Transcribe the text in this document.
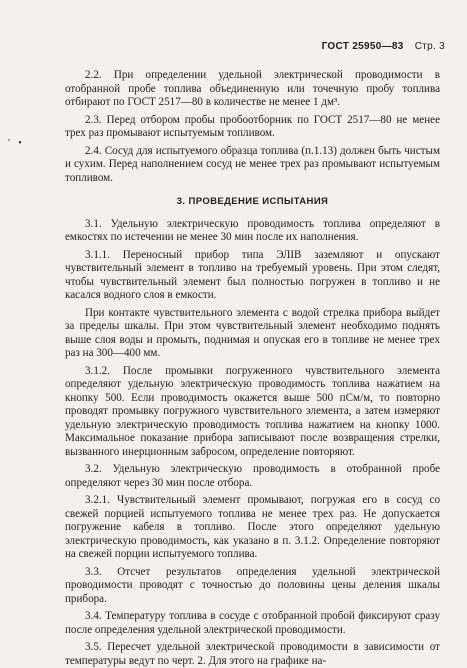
ГОСТ 25950—83 Стр. 3
' •

2.2. При определении удельной электрической проводимости в отобранной пробе топлива объединенную или точечную пробу топлива отбирают по ГОСТ 2517—80 в количестве не менее 1 дм³.

2.3. Перед отбором пробы пробоотборник по ГОСТ 2517—80 не менее трех раз промывают испытуемым топливом.

2.4. Сосуд для испытуемого образца топлива (п.1.13) должен быть чистым и сухим. Перед наполнением сосуд не менее трех раз промывают испытуемым топливом.

3. ПРОВЕДЕНИЕ ИСПЫТАНИЯ

3.1. Удельную электрическую проводимость топлива определяют в емкостях по истечении не менее 30 мин после их наполнения.

3.1.1. Переносный прибор типа ЭЛІВ заземляют и опускают чувствительный элемент в топливо на требуемый уровень. При этом следят, чтобы чувствительный элемент был полностью погружен в топливо и не касался водного слоя в емкости.

При контакте чувствительного элемента с водой стрелка прибора выйдет за пределы шкалы. При этом чувствительный элемент необходимо поднять выше слоя воды и промыть, поднимая и опуская его в топливе не менее трех раз на 300—400 мм.

3.1.2. После промывки погруженного чувствительного элемента определяют удельную электрическую проводимость топлива нажатием на кнопку 500. Если проводимость окажется выше 500 пСм/м, то повторно проводят промывку погружного чувствительного элемента, а затем измеряют удельную электрическую проводимость топлива нажатием на кнопку 1000. Максимальное показание прибора записывают после возвращения стрелки, вызванного инерционным забросом, определение повторяют.

3.2. Удельную электрическую проводимость в отобранной пробе определяют через 30 мин после отбора.

3.2.1. Чувствительный элемент промывают, погружая его в сосуд со свежей порцией испытуемого топлива не менее трех раз. Не допускается погружение кабеля в топливо. После этого определяют удельную электрическую проводимость, как указано в п. 3.1.2. Определение повторяют на свежей порции испытуемого топлива.

3.3. Отсчет результатов определения удельной электрической проводимости проводят с точностью до половины цены деления шкалы прибора.

3.4. Температуру топлива в сосуде с отобранной пробой фиксируют сразу после определения удельной электрической проводимости.

3.5. Пересчет удельной электрической проводимости в зависимости от температуры ведут по черт. 2. Для этого на графике на-
